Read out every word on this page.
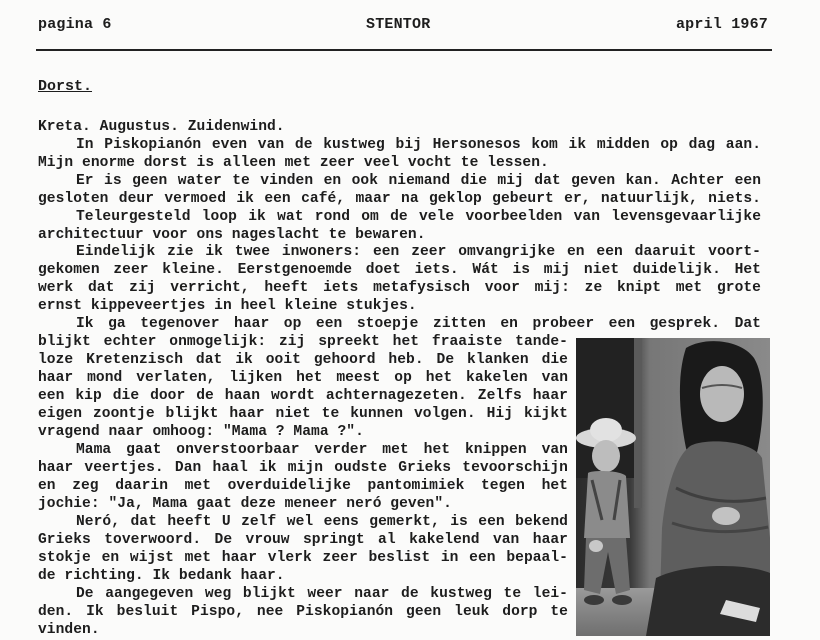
pagina 6	STENTOR	april 1967
Dorst.
Kreta. Augustus. Zuidenwind.
In Piskopianón even van de kustweg bij Hersonesos kom ik midden op dag aan.
Mijn enorme dorst is alleen met zeer veel vocht te lessen.
Er is geen water te vinden en ook niemand die mij dat geven kan. Achter een
gesloten deur vermoed ik een café, maar na geklop gebeurt er, natuurlijk, niets.
Teleurgesteld loop ik wat rond om de vele voorbeelden van levensgevaarlijke
architectuur voor ons nageslacht te bewaren.
Eindelijk zie ik twee inwoners: een zeer omvangrijke en een daaruit voort-
gekomen zeer kleine. Eerstgenoemde doet iets. Wát is mij niet duidelijk. Het
werk dat zij verricht, heeft iets metafysisch voor mij: ze knipt met grote
ernst kippeveertjes in heel kleine stukjes.
Ik ga tegenover haar op een stoepje zitten en probeer een gesprek. Dat
blijkt echter onmogelijk: zij spreekt het fraaiste tande-
loze Kretenzisch dat ik ooit gehoord heb. De klanken die
haar mond verlaten, lijken het meest op het kakelen van
een kip die door de haan wordt achternagezeten. Zelfs haar
eigen zoontje blijkt haar niet te kunnen volgen. Hij kijkt
vragend naar omhoog: "Mama ? Mama ?".
Mama gaat onverstoorbaar verder met het knippen van
haar veertjes. Dan haal ik mijn oudste Grieks tevoorschijn
en zeg daarin met overduidelijke pantomimiek tegen het
jochie: "Ja, Mama gaat deze meneer neró geven".
Neró, dat heeft U zelf wel eens gemerkt, is een bekend
Grieks toverwoord. De vrouw springt al kakelend van haar
stokje en wijst met haar vlerk zeer beslist in een bepaal-
de richting. Ik bedank haar.
De aangegeven weg blijkt weer naar de kustweg te lei-
den. Ik besluit Pispo, nee Piskopianón geen leuk dorp te
vinden.
